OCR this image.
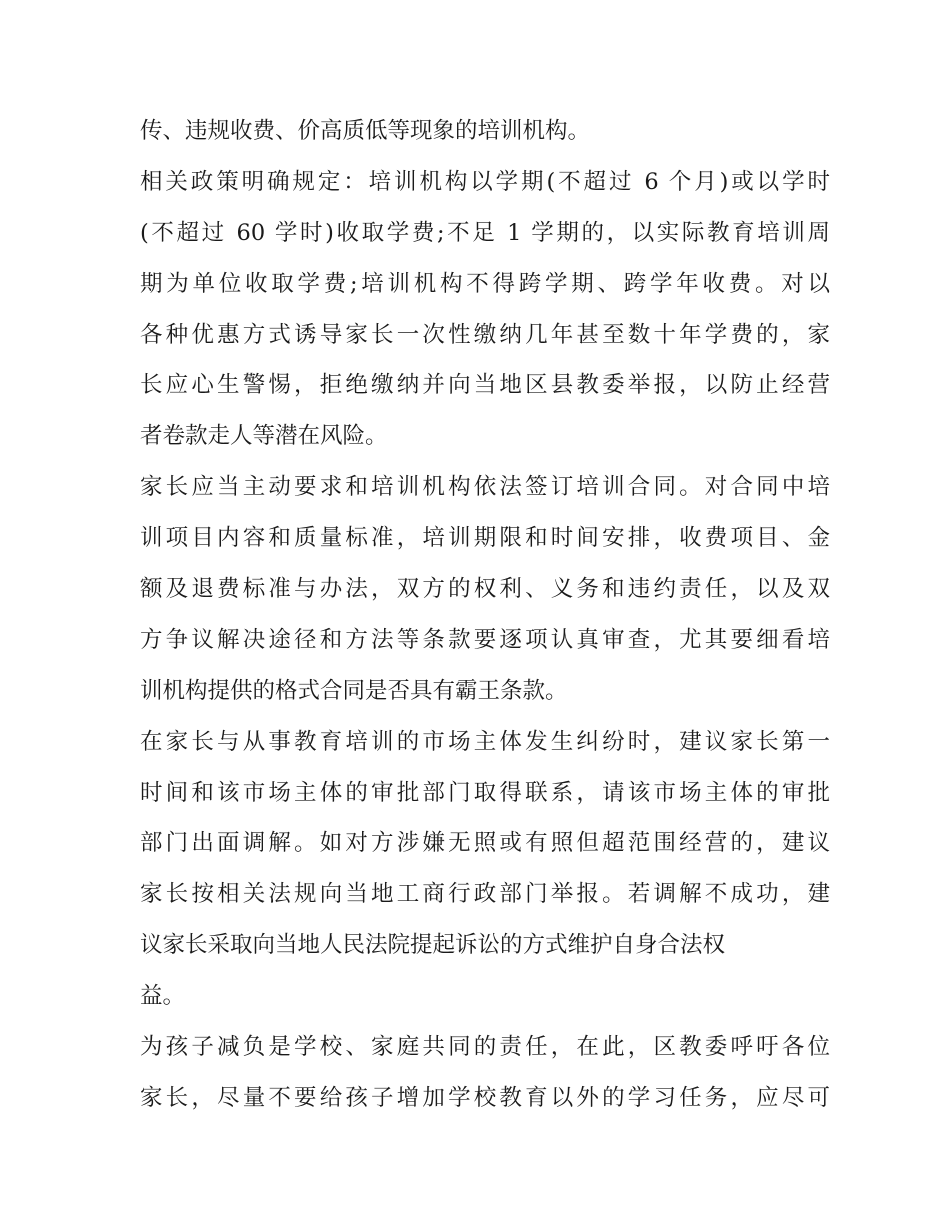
传、违规收费、价高质低等现象的培训机构。
相关政策明确规定：培训机构以学期(不超过 6 个月)或以学时
(不超过 60 学时)收取学费;不足 1 学期的，以实际教育培训周
期为单位收取学费;培训机构不得跨学期、跨学年收费。对以
各种优惠方式诱导家长一次性缴纳几年甚至数十年学费的，家
长应心生警惕，拒绝缴纳并向当地区县教委举报，以防止经营
者卷款走人等潜在风险。
家长应当主动要求和培训机构依法签订培训合同。对合同中培
训项目内容和质量标准，培训期限和时间安排，收费项目、金
额及退费标准与办法，双方的权利、义务和违约责任，以及双
方争议解决途径和方法等条款要逐项认真审查，尤其要细看培
训机构提供的格式合同是否具有霸王条款。
在家长与从事教育培训的市场主体发生纠纷时，建议家长第一
时间和该市场主体的审批部门取得联系，请该市场主体的审批
部门出面调解。如对方涉嫌无照或有照但超范围经营的，建议
家长按相关法规向当地工商行政部门举报。若调解不成功，建
议家长采取向当地人民法院提起诉讼的方式维护自身合法权
益。
为孩子减负是学校、家庭共同的责任，在此，区教委呼吁各位
家长，尽量不要给孩子增加学校教育以外的学习任务，应尽可
